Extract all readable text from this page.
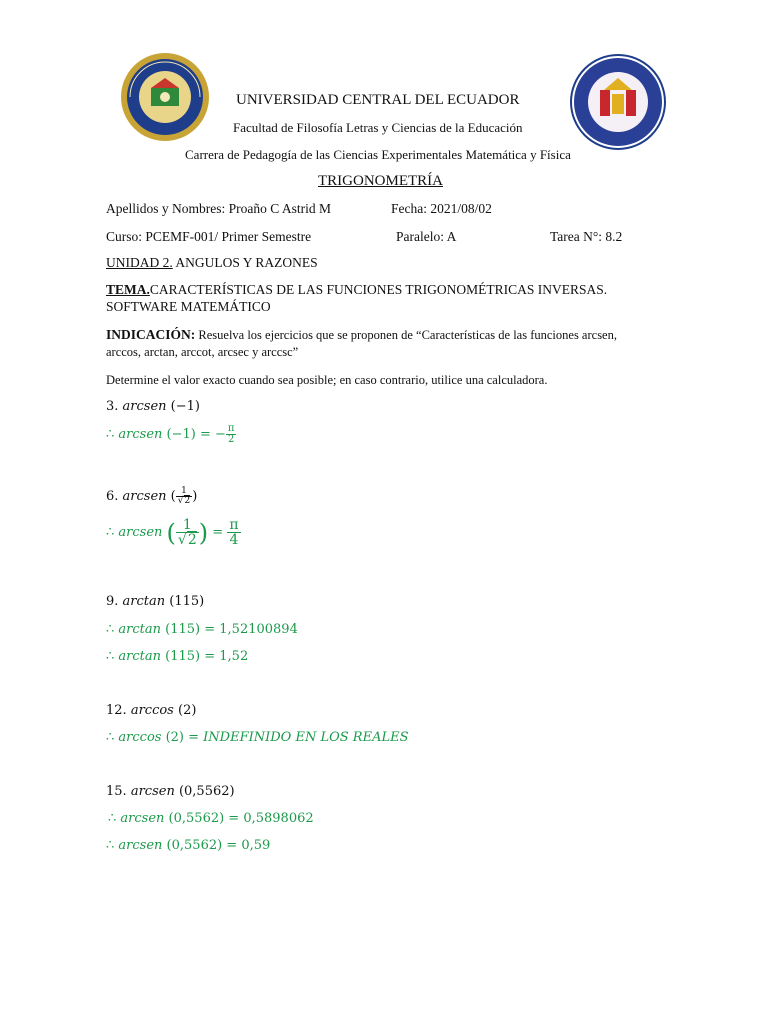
UNIVERSIDAD CENTRAL DEL ECUADOR
Facultad de Filosofía Letras y Ciencias de la Educación
Carrera de Pedagogía de las Ciencias Experimentales Matemática y Física
TRIGONOMETRÍA
Apellidos y Nombres: Proaño C Astrid M	Fecha: 2021/08/02
Curso: PCEMF-001/ Primer Semestre	Paralelo: A	Tarea N°: 8.2
UNIDAD 2. ANGULOS Y RAZONES
TEMA.CARACTERÍSTICAS DE LAS FUNCIONES TRIGONOMÉTRICAS INVERSAS.
SOFTWARE MATEMÁTICO
INDICACIÓN: Resuelva los ejercicios que se proponen de “Características de las funciones arcsen,
arccos, arctan, arccot, arcsec y arccsc”
Determine el valor exacto cuando sea posible; en caso contrario, utilice una calculadora.
3. arcsen (−1)
∴ arcsen (−1) = − $\frac{\pi}{2}$
6. arcsen ( $\frac{1}{√2}$ )
∴ arcsen ( $\frac{1}{√2}$ ) = $\frac{\pi}{4}$
9. arctan (115)
∴ arctan (115) = 1,52100894
∴ arctan (115) = 1,52
12. arccos (2)
∴ arccos (2) = INDEFINIDO EN LOS REALES
15. arcsen (0,5562)
∴ arcsen (0,5562) = 0,5898062
∴ arcsen (0,5562) = 0,59
